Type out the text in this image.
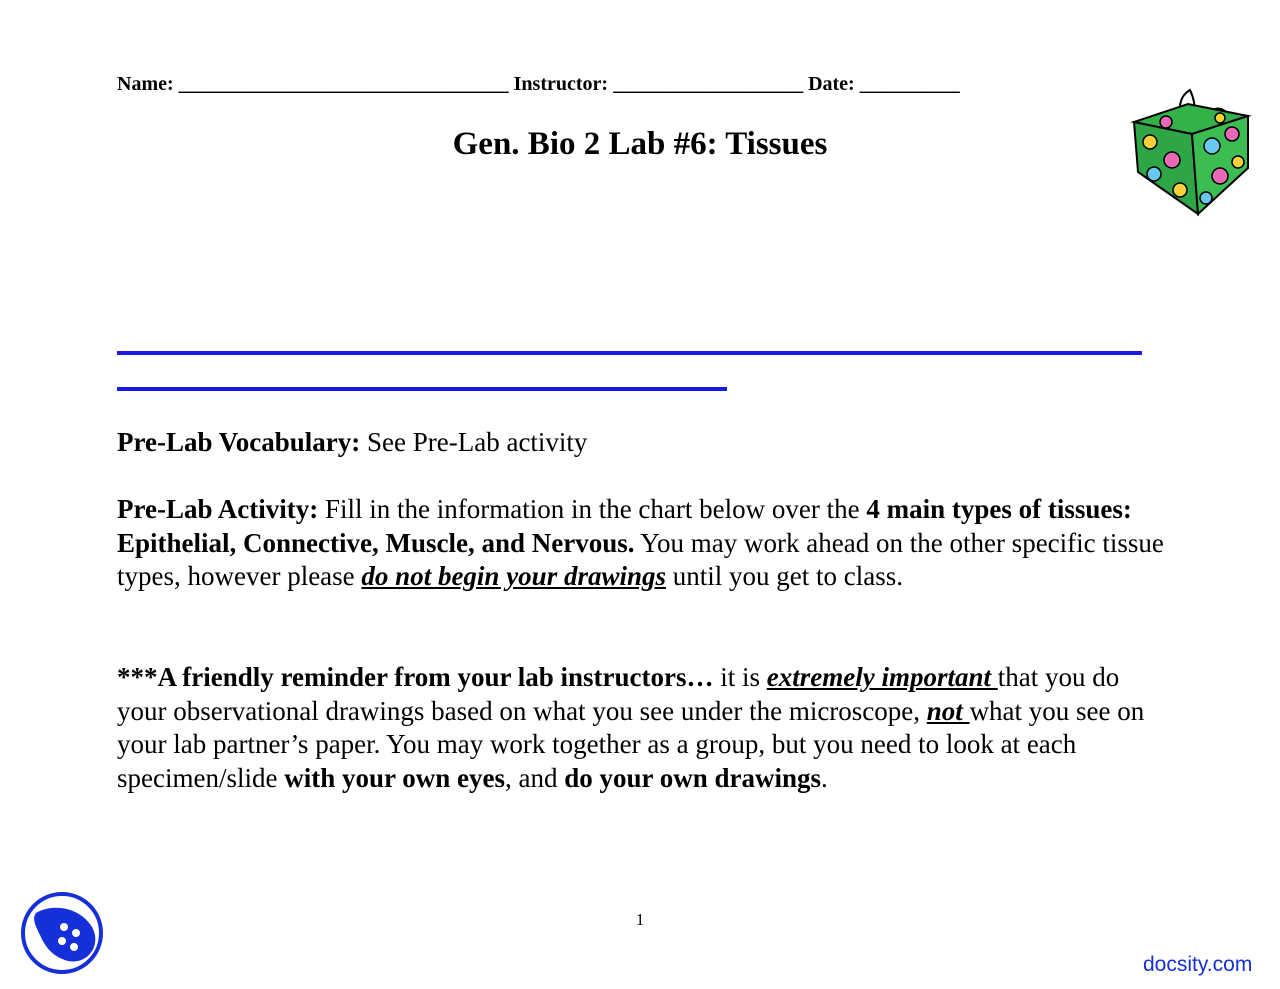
Name: _________________________________ Instructor: ___________________ Date: __________
Gen. Bio 2 Lab #6: Tissues
Pre-Lab Vocabulary: See Pre-Lab activity
Pre-Lab Activity: Fill in the information in the chart below over the 4 main types of tissues: Epithelial, Connective, Muscle, and Nervous. You may work ahead on the other specific tissue types, however please do not begin your drawings until you get to class.
***A friendly reminder from your lab instructors… it is extremely important that you do your observational drawings based on what you see under the microscope, not what you see on your lab partner’s paper. You may work together as a group, but you need to look at each specimen/slide with your own eyes, and do your own drawings.
1
docsity.com
